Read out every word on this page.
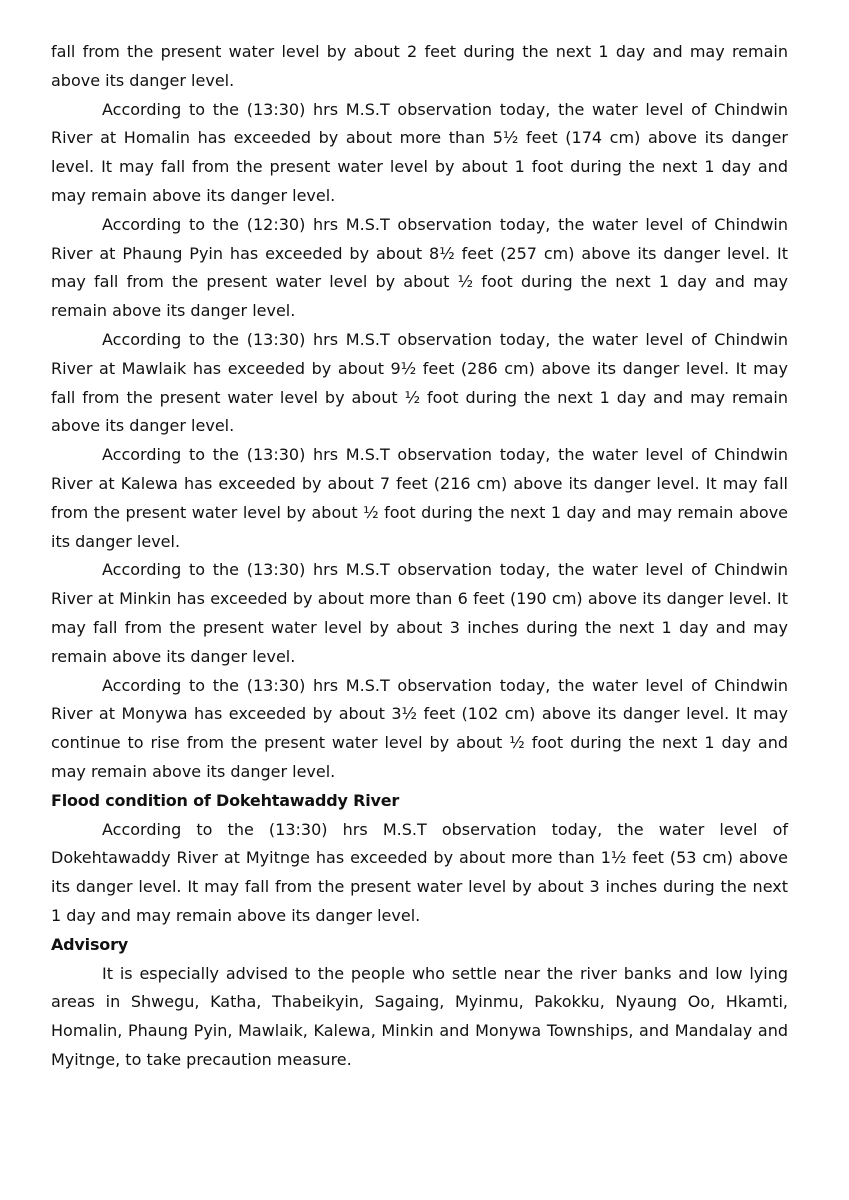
fall from the present water level by about 2 feet during the next 1 day and may remain above its danger level.

According to the (13:30) hrs M.S.T observation today, the water level of Chindwin River at Homalin has exceeded by about more than 5½ feet (174 cm) above its danger level. It may fall from the present water level by about 1 foot during the next 1 day and may remain above its danger level.

According to the (12:30) hrs M.S.T observation today, the water level of Chindwin River at Phaung Pyin has exceeded by about 8½ feet (257 cm) above its danger level. It may fall from the present water level by about ½ foot during the next 1 day and may remain above its danger level.

According to the (13:30) hrs M.S.T observation today, the water level of Chindwin River at Mawlaik has exceeded by about 9½ feet (286 cm) above its danger level. It may fall from the present water level by about ½ foot during the next 1 day and may remain above its danger level.

According to the (13:30) hrs M.S.T observation today, the water level of Chindwin River at Kalewa has exceeded by about 7 feet (216 cm) above its danger level. It may fall from the present water level by about ½ foot during the next 1 day and may remain above its danger level.

According to the (13:30) hrs M.S.T observation today, the water level of Chindwin River at Minkin has exceeded by about more than 6 feet (190 cm) above its danger level. It may fall from the present water level by about 3 inches during the next 1 day and may remain above its danger level.

According to the (13:30) hrs M.S.T observation today, the water level of Chindwin River at Monywa has exceeded by about 3½ feet (102 cm) above its danger level. It may continue to rise from the present water level by about ½ foot during the next 1 day and may remain above its danger level.

Flood condition of Dokehtawaddy River

According to the (13:30) hrs M.S.T observation today, the water level of Dokehtawaddy River at Myitnge has exceeded by about more than 1½ feet (53 cm) above its danger level. It may fall from the present water level by about 3 inches during the next 1 day and may remain above its danger level.

Advisory

It is especially advised to the people who settle near the river banks and low lying areas in Shwegu, Katha, Thabeikyin, Sagaing, Myinmu, Pakokku, Nyaung Oo, Hkamti, Homalin, Phaung Pyin, Mawlaik, Kalewa, Minkin and Monywa Townships, and Mandalay and Myitnge, to take precaution measure.
